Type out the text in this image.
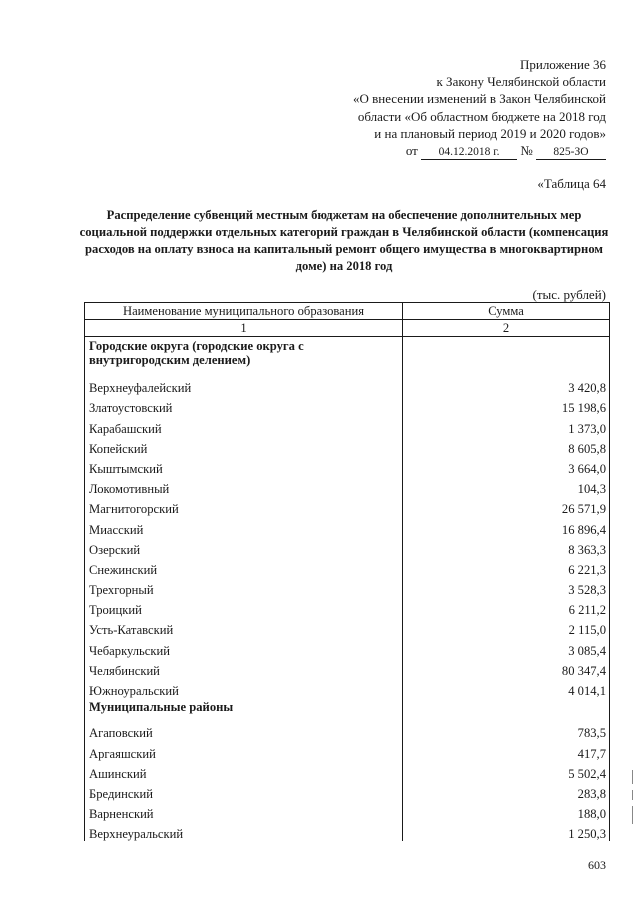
Приложение 36
к Закону Челябинской области
«О внесении изменений в Закон Челябинской
области «Об областном бюджете на 2018 год
и на плановый период 2019 и 2020 годов»
от 04.12.2018 г. № 825-ЗО
«Таблица 64
Распределение субвенций местным бюджетам на обеспечение дополнительных мер социальной поддержки отдельных категорий граждан в Челябинской области (компенсация расходов на оплату взноса на капитальный ремонт общего имущества в многоквартирном доме) на 2018 год
(тыс. рублей)
Наименование муниципального образования	Сумма
1	2
Городские округа (городские округа с внутригородским делением)	
Верхнеуфалейский	3 420,8
Златоустовский	15 198,6
Карабашский	1 373,0
Копейский	8 605,8
Кыштымский	3 664,0
Локомотивный	104,3
Магнитогорский	26 571,9
Миасский	16 896,4
Озерский	8 363,3
Снежинский	6 221,3
Трехгорный	3 528,3
Троицкий	6 211,2
Усть-Катавский	2 115,0
Чебаркульский	3 085,4
Челябинский	80 347,4
Южноуральский	4 014,1
Муниципальные районы	
Агаповский	783,5
Аргаяшский	417,7
Ашинский	5 502,4
Брединский	283,8
Варненский	188,0
Верхнеуральский	1 250,3
603
